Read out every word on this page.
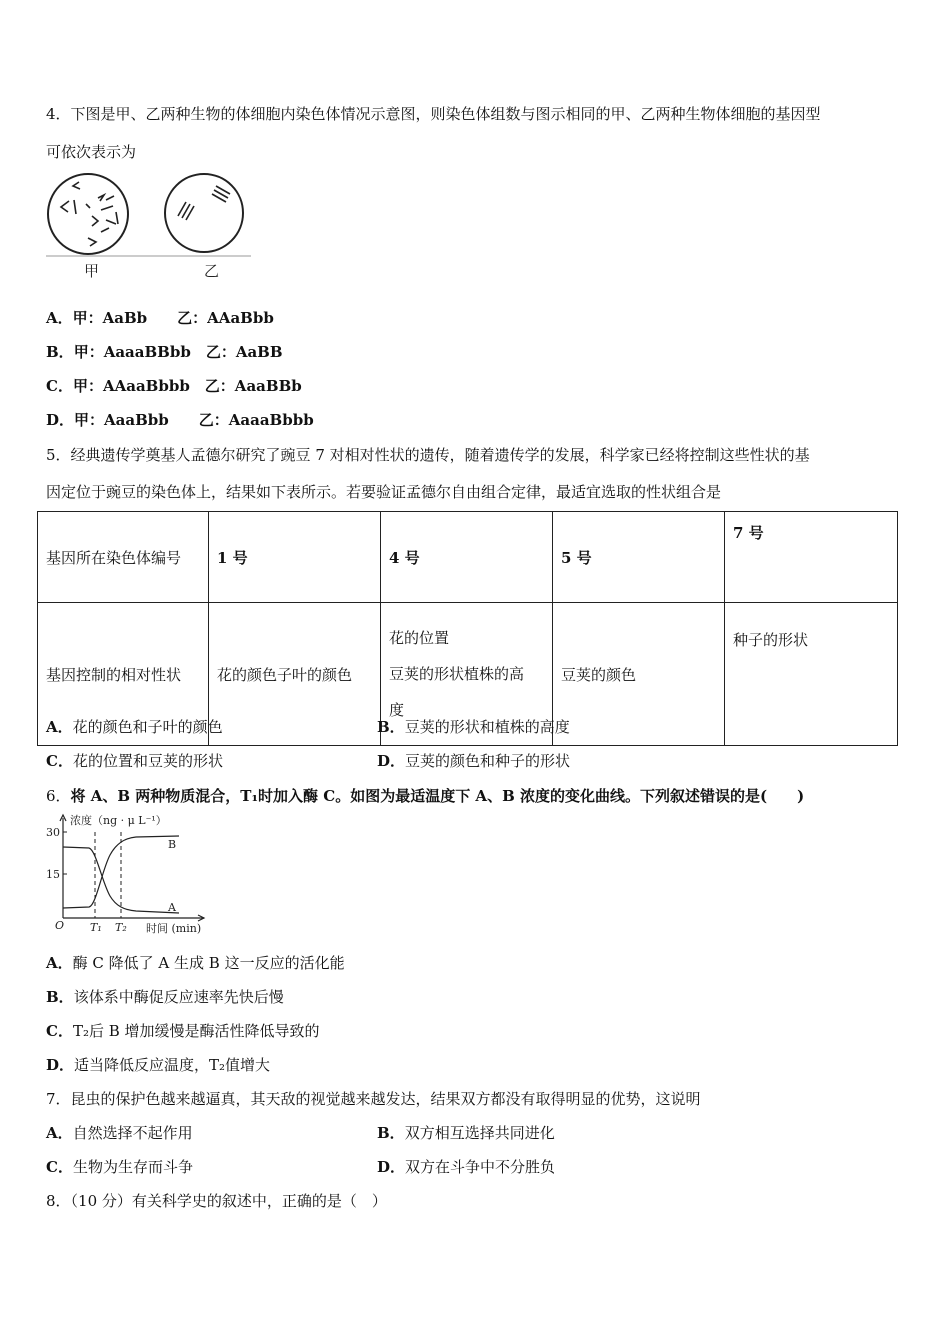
4．下图是甲、乙两种生物的体细胞内染色体情况示意图，则染色体组数与图示相同的甲、乙两种生物体细胞的基因型
可依次表示为
甲	乙
A．甲：AaBb　　乙：AAaBbb
B．甲：AaaaBBbb　乙：AaBB
C．甲：AAaaBbbb　乙：AaaBBb
D．甲：AaaBbb　　乙：AaaaBbbb
5．经典遗传学奠基人孟德尔研究了豌豆 7 对相对性状的遗传，随着遗传学的发展，科学家已经将控制这些性状的基
因定位于豌豆的染色体上，结果如下表所示。若要验证孟德尔自由组合定律，最适宜选取的性状组合是
基因所在染色体编号	1 号	4 号	5 号	7 号
基因控制的相对性状	花的颜色子叶的颜色	花的位置
豆荚的形状植株的高
度	豆荚的颜色	种子的形状
A．花的颜色和子叶的颜色	B．豆荚的形状和植株的高度
C．花的位置和豆荚的形状	D．豆荚的颜色和种子的形状
6．将 A、B 两种物质混合，T₁时加入酶 C。如图为最适温度下 A、B 浓度的变化曲线。下列叙述错误的是(　　)
浓度（ng · μ L⁻¹）
30
15
O T₁ T₂ 时间 (min)
B
A
A．酶 C 降低了 A 生成 B 这一反应的活化能
B．该体系中酶促反应速率先快后慢
C．T₂后 B 增加缓慢是酶活性降低导致的
D．适当降低反应温度，T₂值增大
7．昆虫的保护色越来越逼真，其天敌的视觉越来越发达，结果双方都没有取得明显的优势，这说明
A．自然选择不起作用	B．双方相互选择共同进化
C．生物为生存而斗争	D．双方在斗争中不分胜负
8．（10 分）有关科学史的叙述中，正确的是（　）
